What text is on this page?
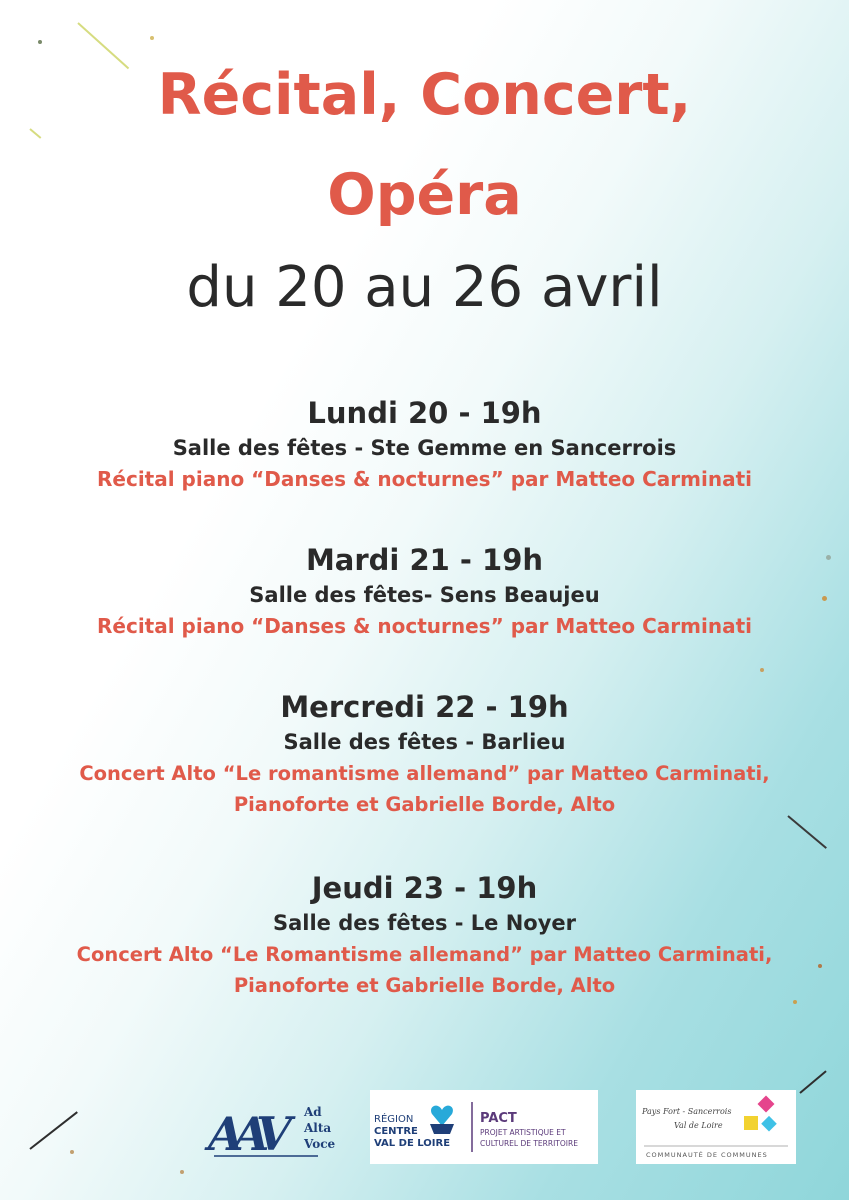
Récital, Concert,
Opéra
du 20 au 26 avril
Lundi 20 - 19h
Salle des fêtes - Ste Gemme en Sancerrois
Récital piano “Danses & nocturnes” par Matteo Carminati
Mardi 21 - 19h
Salle des fêtes- Sens Beaujeu
Récital piano “Danses & nocturnes” par Matteo Carminati
Mercredi 22 - 19h
Salle des fêtes - Barlieu
Concert Alto “Le romantisme allemand” par Matteo Carminati,
Pianoforte et Gabrielle Borde, Alto
Jeudi 23 - 19h
Salle des fêtes - Le Noyer
Concert Alto “Le Romantisme allemand” par Matteo Carminati,
Pianoforte et Gabrielle Borde, Alto
AAV	Ad
Alta
Voce
RÉGION
CENTRE
VAL DE LOIRE
PACT
PROJET ARTISTIQUE ET
CULTUREL DE TERRITOIRE
Pays Fort - Sancerrois
Val de Loire
COMMUNAUTÉ DE COMMUNES
